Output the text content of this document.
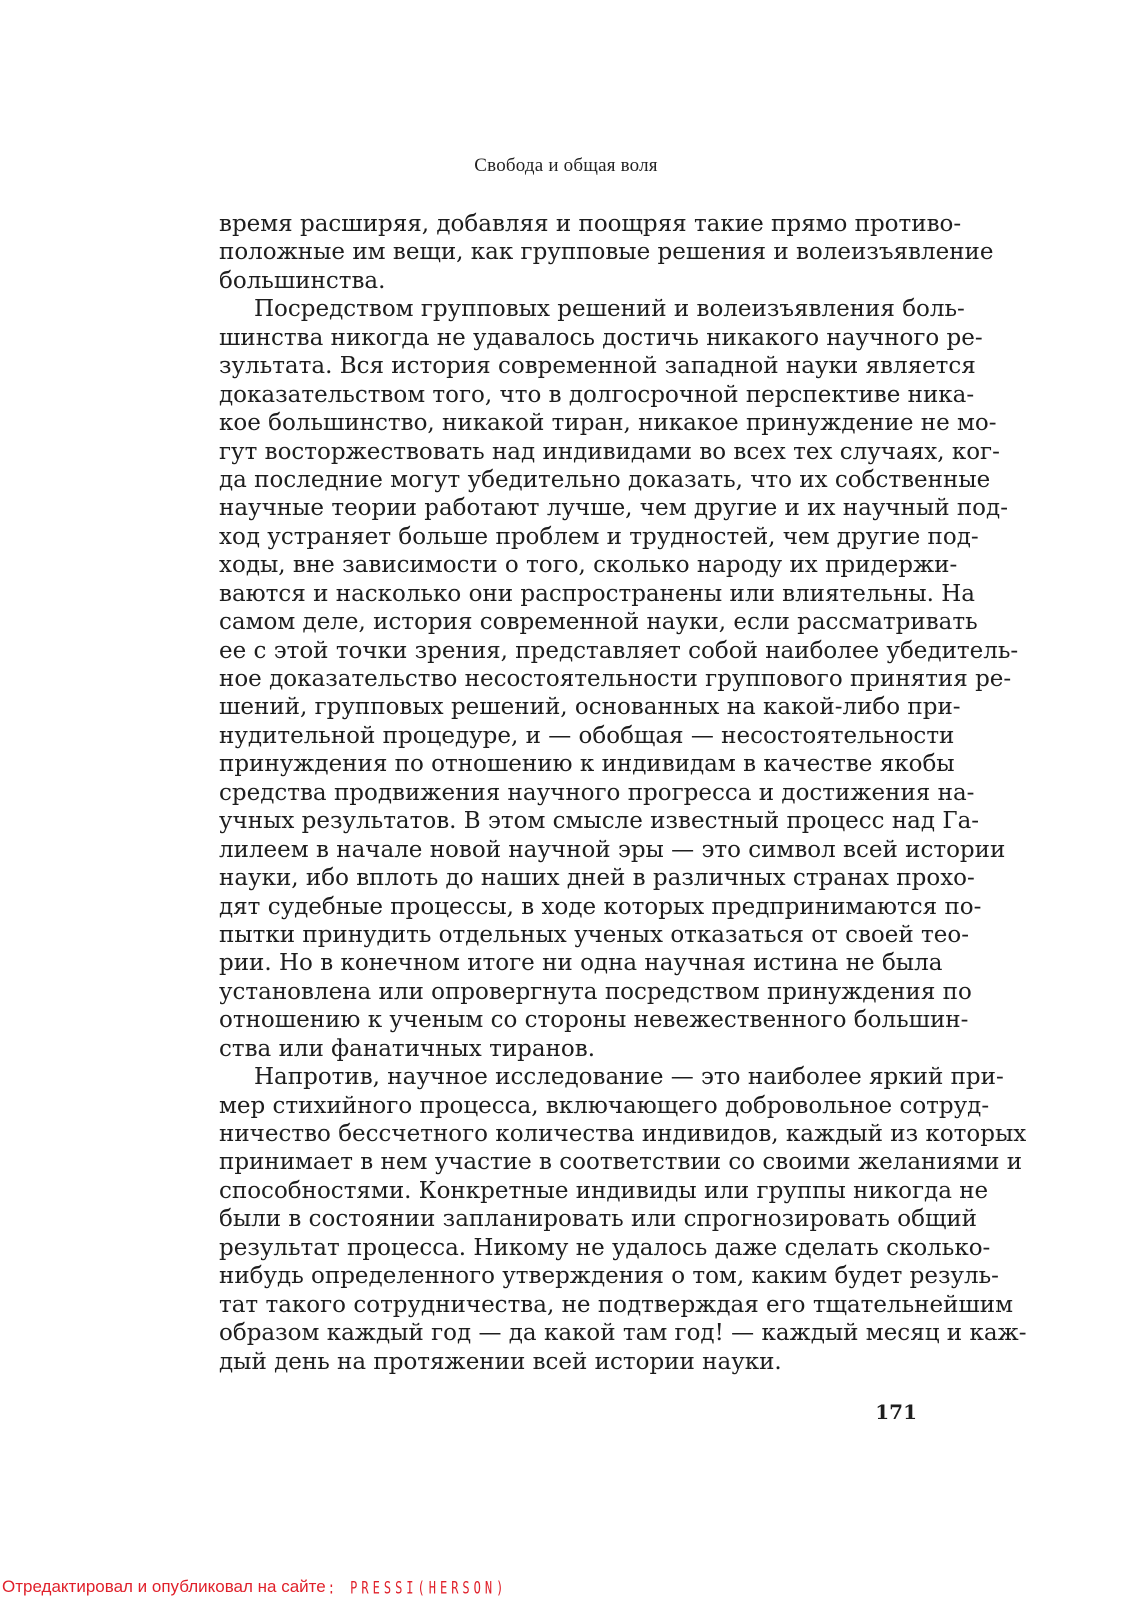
Свобода и общая воля
время расширяя, добавляя и поощряя такие прямо противо-
положные им вещи, как групповые решения и волеизъявление
большинства.
Посредством групповых решений и волеизъявления боль-
шинства никогда не удавалось достичь никакого научного ре-
зультата. Вся история современной западной науки является
доказательством того, что в долгосрочной перспективе ника-
кое большинство, никакой тиран, никакое принуждение не мо-
гут восторжествовать над индивидами во всех тех случаях, ког-
да последние могут убедительно доказать, что их собственные
научные теории работают лучше, чем другие и их научный под-
ход устраняет больше проблем и трудностей, чем другие под-
ходы, вне зависимости о того, сколько народу их придержи-
ваются и насколько они распространены или влиятельны. На
самом деле, история современной науки, если рассматривать
ее с этой точки зрения, представляет собой наиболее убедитель-
ное доказательство несостоятельности группового принятия ре-
шений, групповых решений, основанных на какой-либо при-
нудительной процедуре, и — обобщая — несостоятельности
принуждения по отношению к индивидам в качестве якобы
средства продвижения научного прогресса и достижения на-
учных результатов. В этом смысле известный процесс над Га-
лилеем в начале новой научной эры — это символ всей истории
науки, ибо вплоть до наших дней в различных странах прохо-
дят судебные процессы, в ходе которых предпринимаются по-
пытки принудить отдельных ученых отказаться от своей тео-
рии. Но в конечном итоге ни одна научная истина не была
установлена или опровергнута посредством принуждения по
отношению к ученым со стороны невежественного большин-
ства или фанатичных тиранов.
Напротив, научное исследование — это наиболее яркий при-
мер стихийного процесса, включающего добровольное сотруд-
ничество бессчетного количества индивидов, каждый из которых
принимает в нем участие в соответствии со своими желаниями и
способностями. Конкретные индивиды или группы никогда не
были в состоянии запланировать или спрогнозировать общий
результат процесса. Никому не удалось даже сделать сколько-
нибудь определенного утверждения о том, каким будет резуль-
тат такого сотрудничества, не подтверждая его тщательнейшим
образом каждый год — да какой там год! — каждый месяц и каж-
дый день на протяжении всей истории науки.
171
Отредактировал и опубликовал на сайте : PRESSI(HERSON)
